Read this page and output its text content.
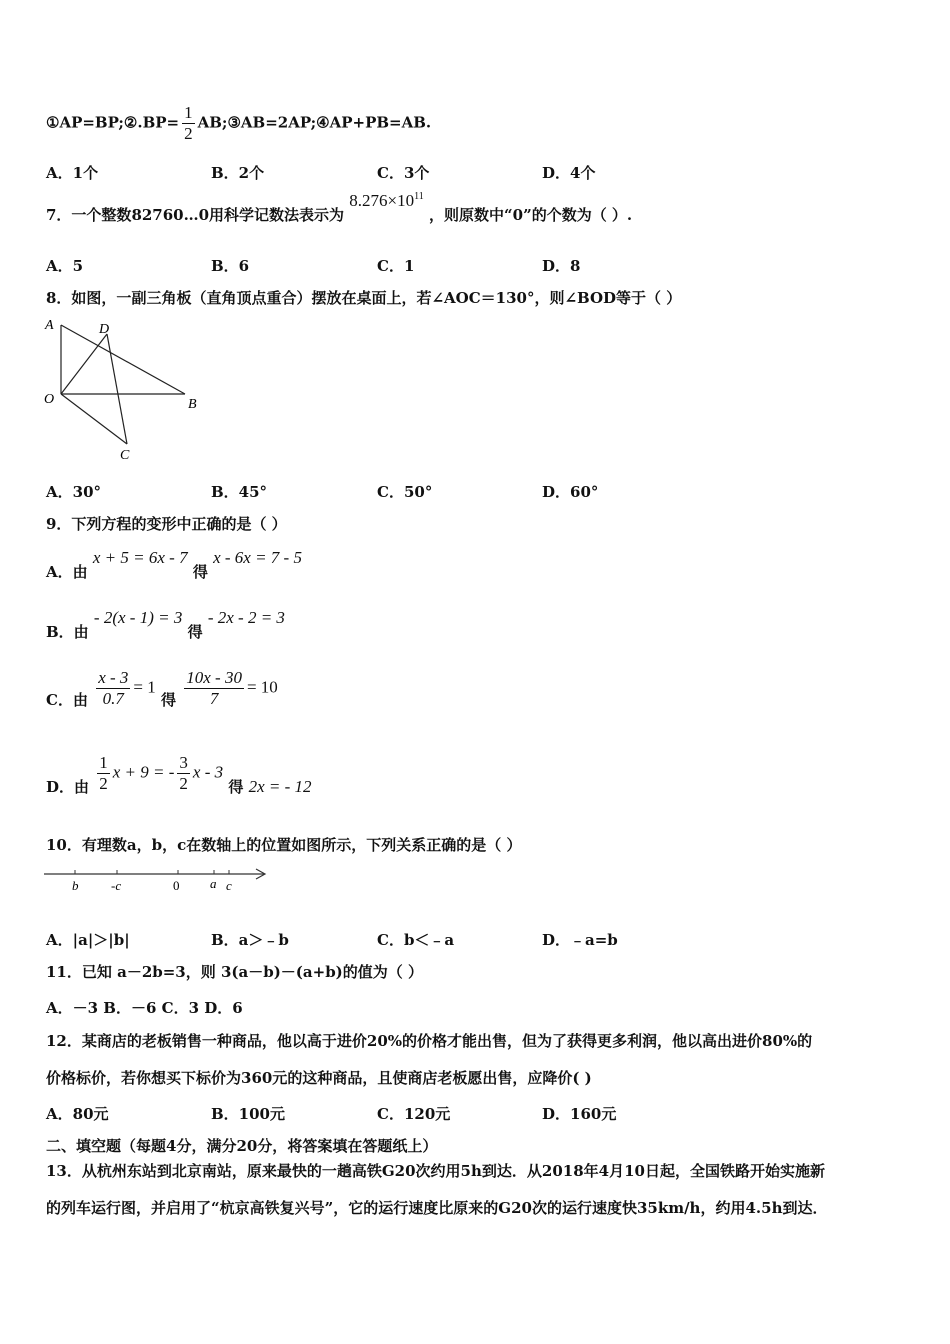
①AP=BP;②.BP= $\frac{1}{2}$ AB;③AB=2AP;④AP+PB=AB.
A．1个	B．2个	C．3个	D．4个
7．一个整数82760…0用科学记数法表示为 $8.276\times 10^{11}$ ，则原数中“0”的个数为（ ）.
A．5	B．6	C．1	D．8
8．如图，一副三角板（直角顶点重合）摆放在桌面上，若∠AOC＝130°，则∠BOD等于（ ）
A	D
O	B
C
A．30°	B．45°	C．50°	D．60°
9．下列方程的变形中正确的是（ ）
A．由 x + 5 = 6x - 7 得 x - 6x = 7 - 5
B．由 - 2(x - 1) = 3 得 - 2x - 2 = 3
C．由 $\frac{x - 3}{0.7} = 1$ 得 $\frac{10x - 30}{7} = 10$
D．由 $\frac{1}{2}$ x + 9 = - $\frac{3}{2}$ x - 3 得 2x = - 12
10．有理数a，b，c在数轴上的位置如图所示，下列关系正确的是（ ）
b	-c	0 a c
A．|a|＞|b|	B．a＞﹣b	C．b＜﹣a	D．﹣a=b
11．已知 a－2b=3，则 3(a－b)－(a+b)的值为（ ）
A．－3 B．－6 C．3 D．6
12．某商店的老板销售一种商品，他以高于进价20%的价格才能出售，但为了获得更多利润，他以高出进价80%的
价格标价，若你想买下标价为360元的这种商品，且使商店老板愿出售，应降价( )
A．80元	B．100元	C．120元	D．160元
二、填空题（每题4分，满分20分，将答案填在答题纸上）
13．从杭州东站到北京南站，原来最快的一趟高铁G20次约用5h到达．从2018年4月10日起，全国铁路开始实施新
的列车运行图，并启用了“杭京高铁复兴号”，它的运行速度比原来的G20次的运行速度快35km/h，约用4.5h到达．
